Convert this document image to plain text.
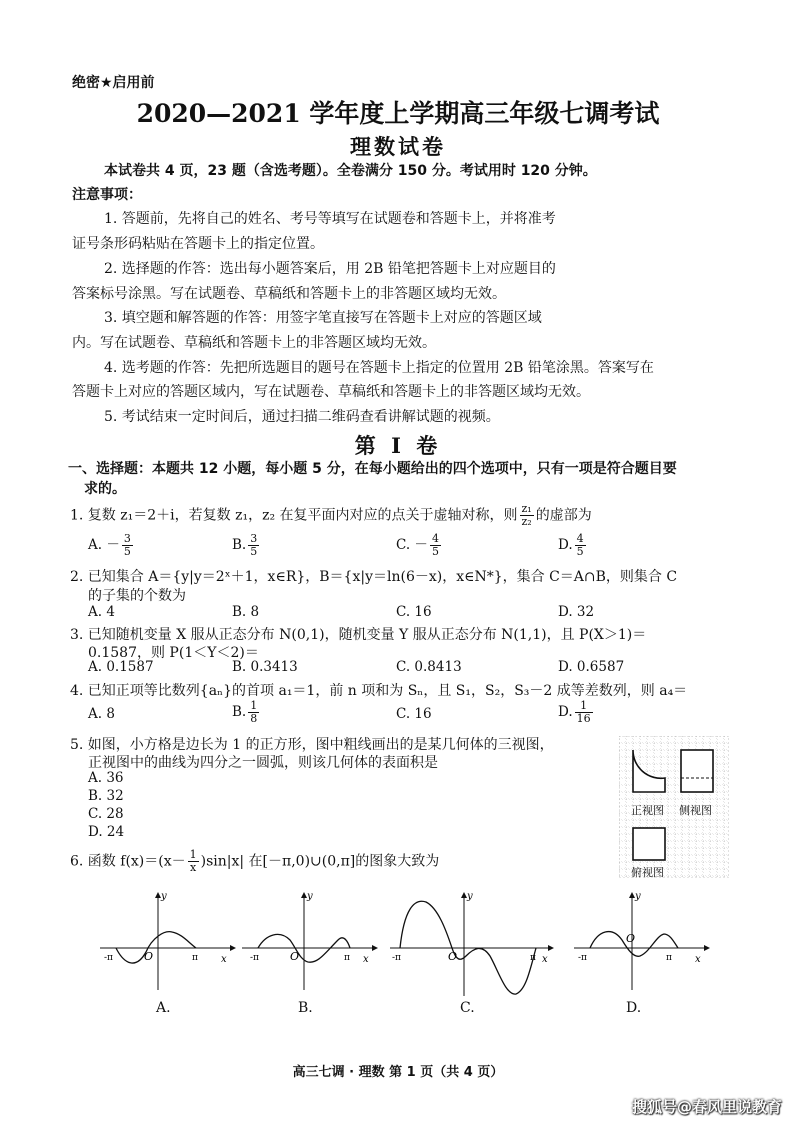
绝密★启用前
2020—2021 学年度上学期高三年级七调考试
理数试卷
本试卷共 4 页，23 题（含选考题）。全卷满分 150 分。考试用时 120 分钟。
注意事项：
1. 答题前，先将自己的姓名、考号等填写在试题卷和答题卡上，并将准考
证号条形码粘贴在答题卡上的指定位置。
2. 选择题的作答：选出每小题答案后，用 2B 铅笔把答题卡上对应题目的
答案标号涂黑。写在试题卷、草稿纸和答题卡上的非答题区域均无效。
3. 填空题和解答题的作答：用签字笔直接写在答题卡上对应的答题区域
内。写在试题卷、草稿纸和答题卡上的非答题区域均无效。
4. 选考题的作答：先把所选题目的题号在答题卡上指定的位置用 2B 铅笔涂黑。答案写在
答题卡上对应的答题区域内，写在试题卷、草稿纸和答题卡上的非答题区域均无效。
5. 考试结束一定时间后，通过扫描二维码查看讲解试题的视频。
第 Ⅰ 卷
一、选择题：本题共 12 小题，每小题 5 分，在每小题给出的四个选项中，只有一项是符合题目要
求的。
1. 复数 z₁＝2＋i，若复数 z₁，z₂ 在复平面内对应的点关于虚轴对称，则 $\frac{\text{z₁}}{\text{z₂}}$ 的虚部为
A. － $\frac{3}{5}$	B. $\frac{3}{5}$	C. － $\frac{4}{5}$	D. $\frac{4}{5}$
2. 已知集合 A＝{y|y＝2ˣ＋1，x∈R}，B＝{x|y＝ln(6－x)，x∈N*}，集合 C＝A∩B，则集合 C
的子集的个数为
A. 4	B. 8	C. 16	D. 32
3. 已知随机变量 X 服从正态分布 N(0,1)，随机变量 Y 服从正态分布 N(1,1)，且 P(X＞1)＝
0.1587，则 P(1＜Y＜2)＝
A. 0.1587	B. 0.3413	C. 0.8413	D. 0.6587
4. 已知正项等比数列{aₙ}的首项 a₁＝1，前 n 项和为 Sₙ，且 S₁，S₂，S₃－2 成等差数列，则 a₄＝
A. 8	B. $\frac{1}{8}$	C. 16	D. $\frac{1}{16}$
5. 如图，小方格是边长为 1 的正方形，图中粗线画出的是某几何体的三视图，
正视图中的曲线为四分之一圆弧，则该几何体的表面积是
A. 36
B. 32
C. 28
D. 24
正视图 侧视图
俯视图
6. 函数 $f(x)=(x- \frac{1}{x} )\sin|x|$ 在[－π,0)∪(0,π]的图象大致为
y
x
O
-π	π
A.
y
x
O
-π	π
B.
y
x
O
-π	π
C.
y
x
O
-π	π
D.
高三七调 · 理数 第 1 页（共 4 页）
搜狐号@春风里说教育
